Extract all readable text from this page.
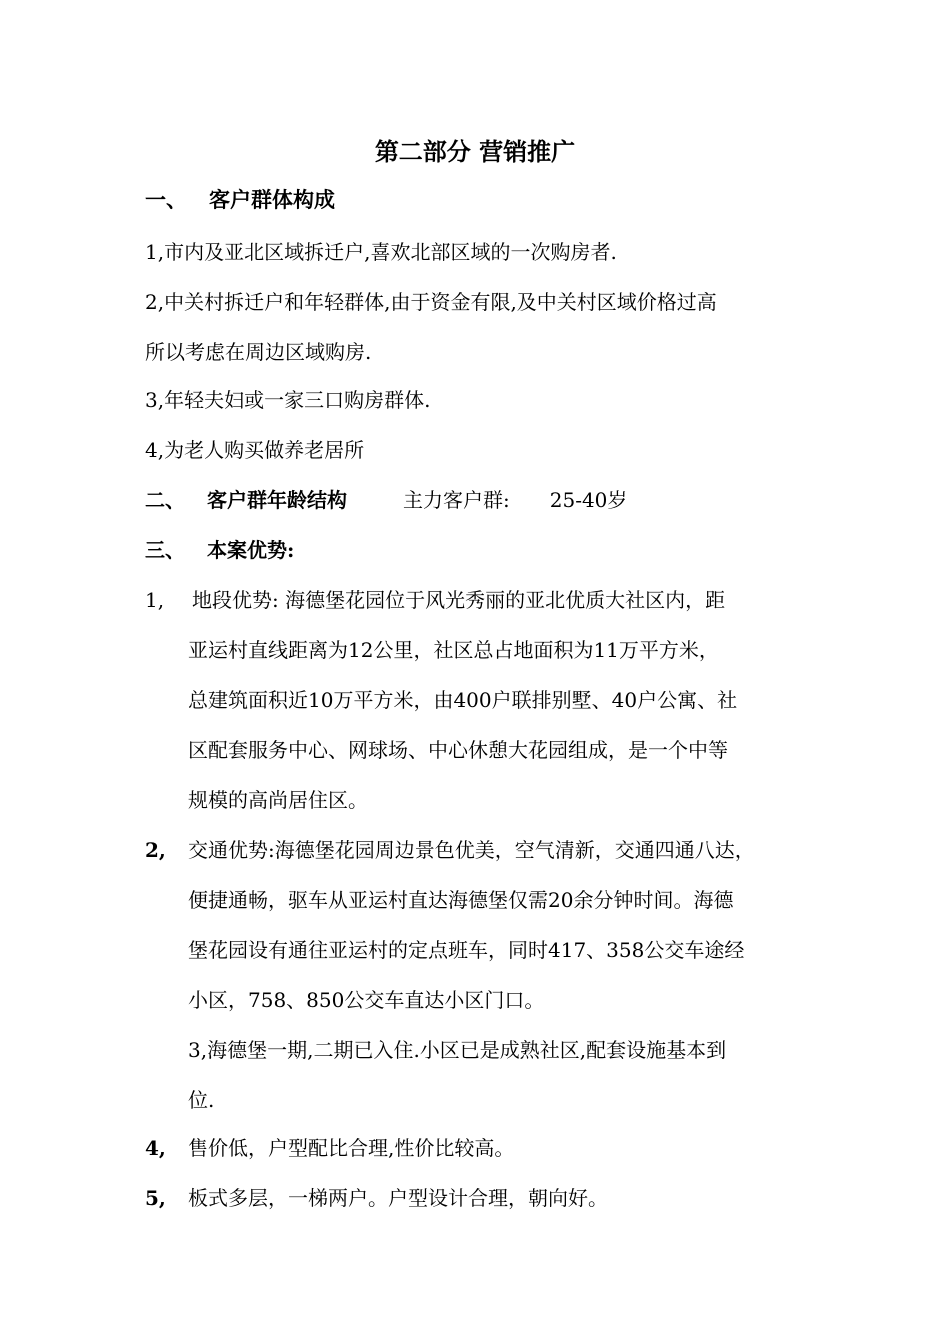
第二部分 营销推广
一、 客户群体构成
1,市内及亚北区域拆迁户,喜欢北部区域的一次购房者.
2,中关村拆迁户和年轻群体,由于资金有限,及中关村区域价格过高
所以考虑在周边区域购房.
3,年轻夫妇或一家三口购房群体.
4,为老人购买做养老居所
二、 客户群年龄结构	主力客户群: 25-40岁
三、 本案优势:
1, 地段优势: 海德堡花园位于风光秀丽的亚北优质大社区内，距
亚运村直线距离为12公里，社区总占地面积为11万平方米，
总建筑面积近10万平方米，由400户联排别墅、40户公寓、社
区配套服务中心、网球场、中心休憩大花园组成，是一个中等
规模的高尚居住区。
2, 交通优势:海德堡花园周边景色优美，空气清新，交通四通八达，
便捷通畅，驱车从亚运村直达海德堡仅需20余分钟时间。海德
堡花园设有通往亚运村的定点班车，同时417、358公交车途经
小区，758、850公交车直达小区门口。
3,海德堡一期,二期已入住.小区已是成熟社区,配套设施基本到
位.
4, 售价低，户型配比合理,性价比较高。
5, 板式多层，一梯两户。户型设计合理，朝向好。
